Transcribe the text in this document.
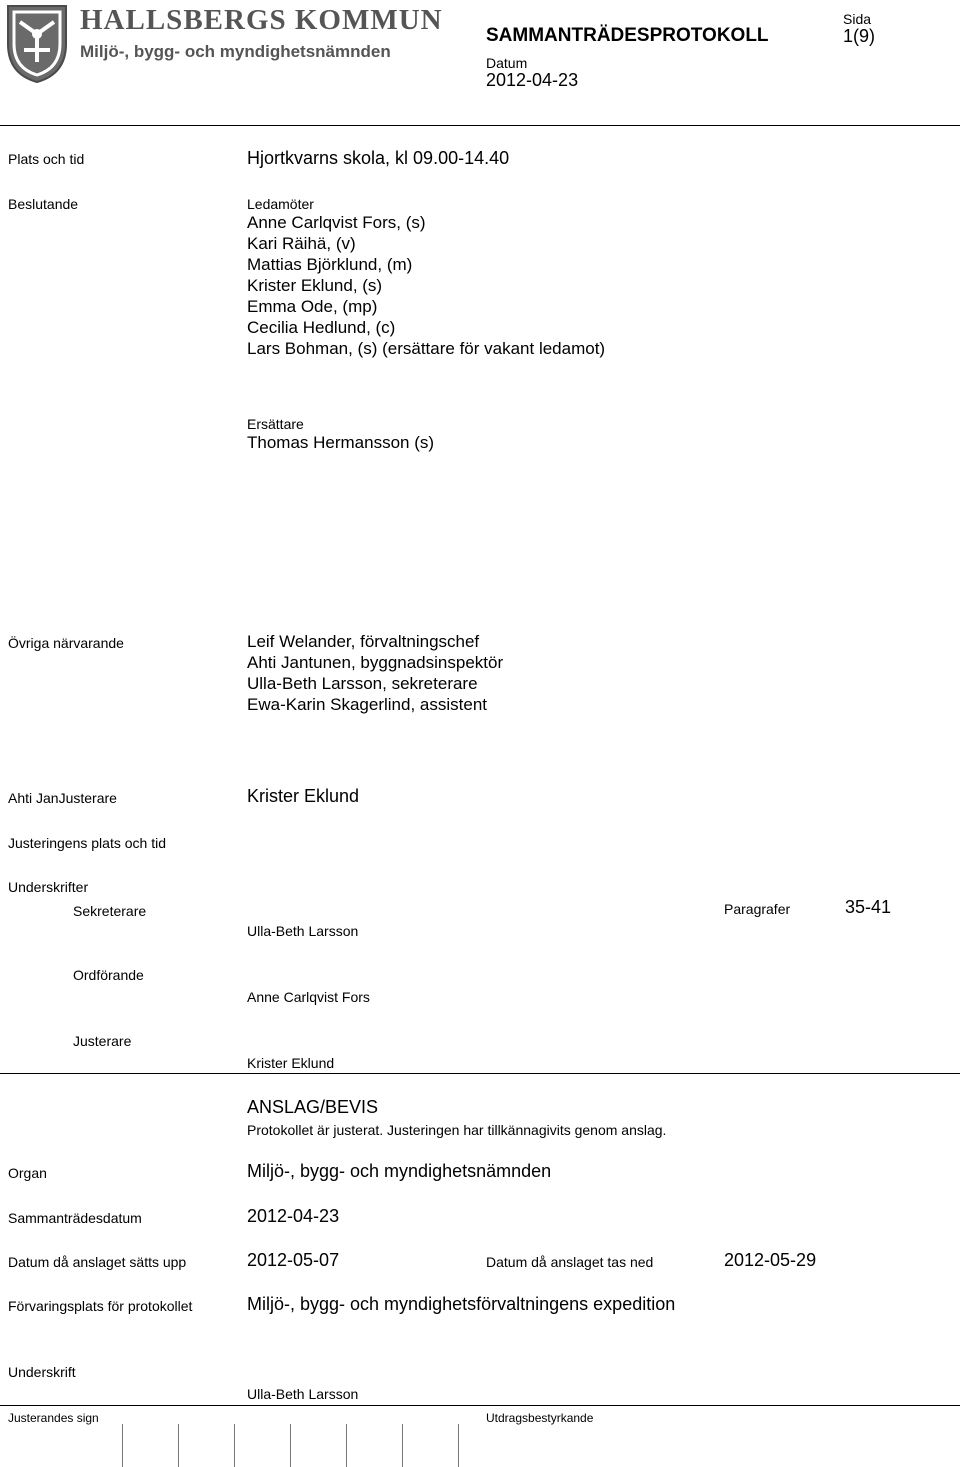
HALLSBERGS KOMMUN
Miljö-, bygg- och myndighetsnämnden
SAMMANTRÄDESPROTOKOLL
Sida
1(9)
Datum
2012-04-23
Plats och tid	Hjortkvarns skola, kl 09.00-14.40
Beslutande	Ledamöter
Anne Carlqvist Fors, (s)
Kari Räihä, (v)
Mattias Björklund, (m)
Krister Eklund, (s)
Emma Ode, (mp)
Cecilia Hedlund, (c)
Lars Bohman, (s) (ersättare för vakant ledamot)
Ersättare
Thomas Hermansson (s)
Övriga närvarande	Leif Welander, förvaltningschef
Ahti Jantunen, byggnadsinspektör
Ulla-Beth Larsson, sekreterare
Ewa-Karin Skagerlind, assistent
Ahti JanJusterare	Krister Eklund
Justeringens plats och tid
Underskrifter
Sekreterare
Ulla-Beth Larsson
Paragrafer	35-41
Ordförande
Anne Carlqvist Fors
Justerare
Krister Eklund
ANSLAG/BEVIS
Protokollet är justerat. Justeringen har tillkännagivits genom anslag.
Organ	Miljö-, bygg- och myndighetsnämnden
Sammanträdesdatum	2012-04-23
Datum då anslaget sätts upp	2012-05-07	Datum då anslaget tas ned	2012-05-29
Förvaringsplats för protokollet	Miljö-, bygg- och myndighetsförvaltningens expedition
Underskrift
Ulla-Beth Larsson
Justerandes sign	Utdragsbestyrkande
